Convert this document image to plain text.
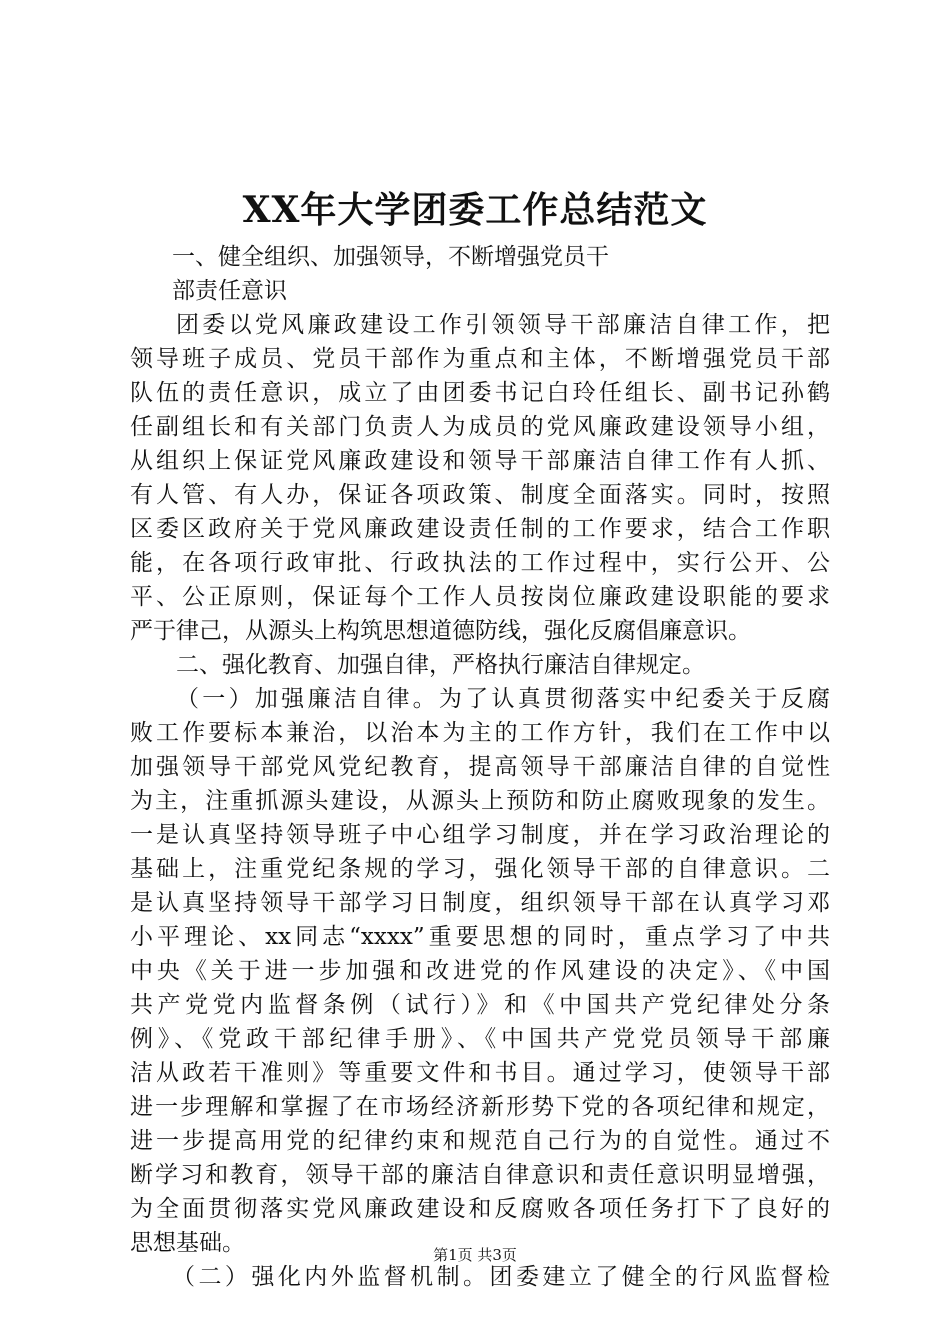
XX年大学团委工作总结范文
一、健全组织、加强领导，不断增强党员干
部责任意识
团委以党风廉政建设工作引领领导干部廉洁自律工作，把
领导班子成员、党员干部作为重点和主体，不断增强党员干部
队伍的责任意识，成立了由团委书记白玲任组长、副书记孙鹤
任副组长和有关部门负责人为成员的党风廉政建设领导小组，
从组织上保证党风廉政建设和领导干部廉洁自律工作有人抓、
有人管、有人办，保证各项政策、制度全面落实。同时，按照
区委区政府关于党风廉政建设责任制的工作要求，结合工作职
能，在各项行政审批、行政执法的工作过程中，实行公开、公
平、公正原则，保证每个工作人员按岗位廉政建设职能的要求
严于律己，从源头上构筑思想道德防线，强化反腐倡廉意识。
二、强化教育、加强自律，严格执行廉洁自律规定。
（一）加强廉洁自律。为了认真贯彻落实中纪委关于反腐
败工作要标本兼治，以治本为主的工作方针，我们在工作中以
加强领导干部党风党纪教育，提高领导干部廉洁自律的自觉性
为主，注重抓源头建设，从源头上预防和防止腐败现象的发生。
一是认真坚持领导班子中心组学习制度，并在学习政治理论的
基础上，注重党纪条规的学习，强化领导干部的自律意识。二
是认真坚持领导干部学习日制度，组织领导干部在认真学习邓
小平理论、xx同志“xxxx”重要思想的同时，重点学习了中共
中央《关于进一步加强和改进党的作风建设的决定》、《中国
共产党党内监督条例（试行）》和《中国共产党纪律处分条
例》、《党政干部纪律手册》、《中国共产党党员领导干部廉
洁从政若干准则》等重要文件和书目。通过学习，使领导干部
进一步理解和掌握了在市场经济新形势下党的各项纪律和规定，
进一步提高用党的纪律约束和规范自己行为的自觉性。通过不
断学习和教育，领导干部的廉洁自律意识和责任意识明显增强，
为全面贯彻落实党风廉政建设和反腐败各项任务打下了良好的
思想基础。
（二）强化内外监督机制。团委建立了健全的行风监督检
第1页 共3页
